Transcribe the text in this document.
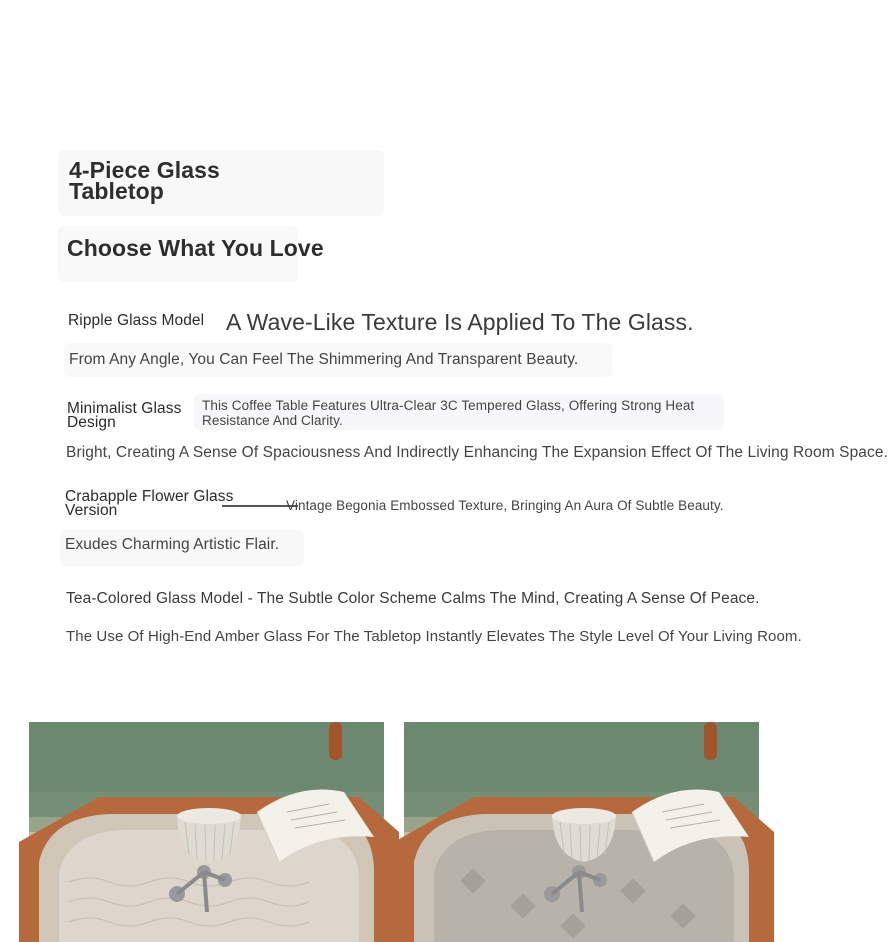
4-Piece Glass Tabletop
Choose What You Love
Ripple Glass Model A Wave-Like Texture Is Applied To The Glass.
From Any Angle, You Can Feel The Shimmering And Transparent Beauty.
Minimalist Glass Design
This Coffee Table Features Ultra-Clear 3C Tempered Glass, Offering Strong Heat Resistance And Clarity.
Bright, Creating A Sense Of Spaciousness And Indirectly Enhancing The Expansion Effect Of The Living Room Space.
Crabapple Flower Glass Version	Vintage Begonia Embossed Texture, Bringing An Aura Of Subtle Beauty.
Exudes Charming Artistic Flair.
Tea-Colored Glass Model - The Subtle Color Scheme Calms The Mind, Creating A Sense Of Peace.
The Use Of High-End Amber Glass For The Tabletop Instantly Elevates The Style Level Of Your Living Room.
